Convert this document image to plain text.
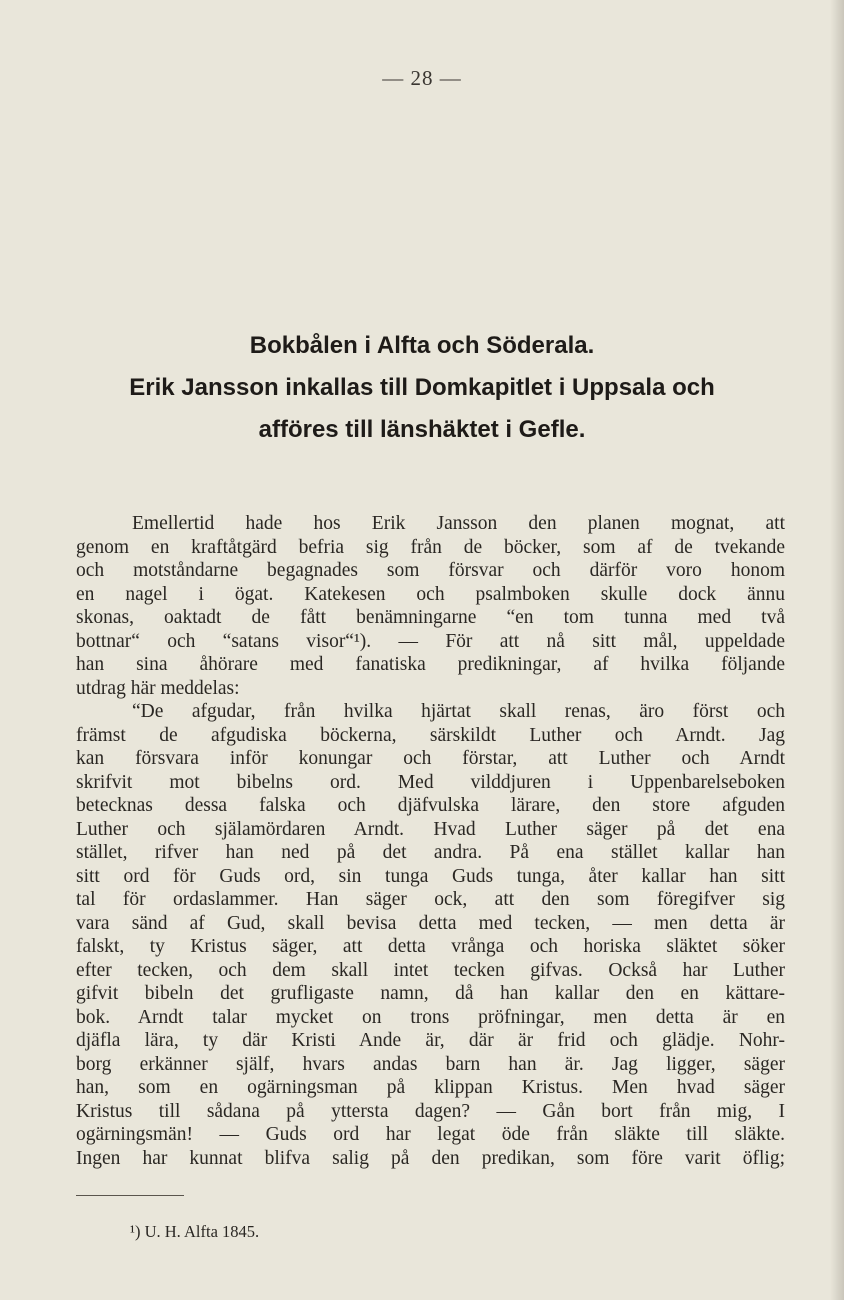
— 28 —
Bokbålen i Alfta och Söderala.
Erik Jansson inkallas till Domkapitlet i Uppsala och
afföres till länshäktet i Gefle.
Emellertid hade hos Erik Jansson den planen mognat, att
genom en kraftåtgärd befria sig från de böcker, som af de tvekande
och motståndarne begagnades som försvar och därför voro honom
en nagel i ögat. Katekesen och psalmboken skulle dock ännu
skonas, oaktadt de fått benämningarne “en tom tunna med två
bottnar“ och “satans visor“¹). — För att nå sitt mål, uppeldade
han sina åhörare med fanatiska predikningar, af hvilka följande
utdrag här meddelas:
“De afgudar, från hvilka hjärtat skall renas, äro först och
främst de afgudiska böckerna, särskildt Luther och Arndt. Jag
kan försvara inför konungar och förstar, att Luther och Arndt
skrifvit mot bibelns ord. Med vilddjuren i Uppenbarelseboken
betecknas dessa falska och djäfvulska lärare, den store afguden
Luther och själamördaren Arndt. Hvad Luther säger på det ena
stället, rifver han ned på det andra. På ena stället kallar han
sitt ord för Guds ord, sin tunga Guds tunga, åter kallar han sitt
tal för ordaslammer. Han säger ock, att den som föregifver sig
vara sänd af Gud, skall bevisa detta med tecken, — men detta är
falskt, ty Kristus säger, att detta vrånga och horiska släktet söker
efter tecken, och dem skall intet tecken gifvas. Också har Luther
gifvit bibeln det grufligaste namn, då han kallar den en kättare-
bok. Arndt talar mycket on trons pröfningar, men detta är en
djäfla lära, ty där Kristi Ande är, där är frid och glädje. Nohr-
borg erkänner själf, hvars andas barn han är. Jag ligger, säger
han, som en ogärningsman på klippan Kristus. Men hvad säger
Kristus till sådana på yttersta dagen? — Gån bort från mig, I
ogärningsmän! — Guds ord har legat öde från släkte till släkte.
Ingen har kunnat blifva salig på den predikan, som före varit öflig;
¹) U. H. Alfta 1845.
